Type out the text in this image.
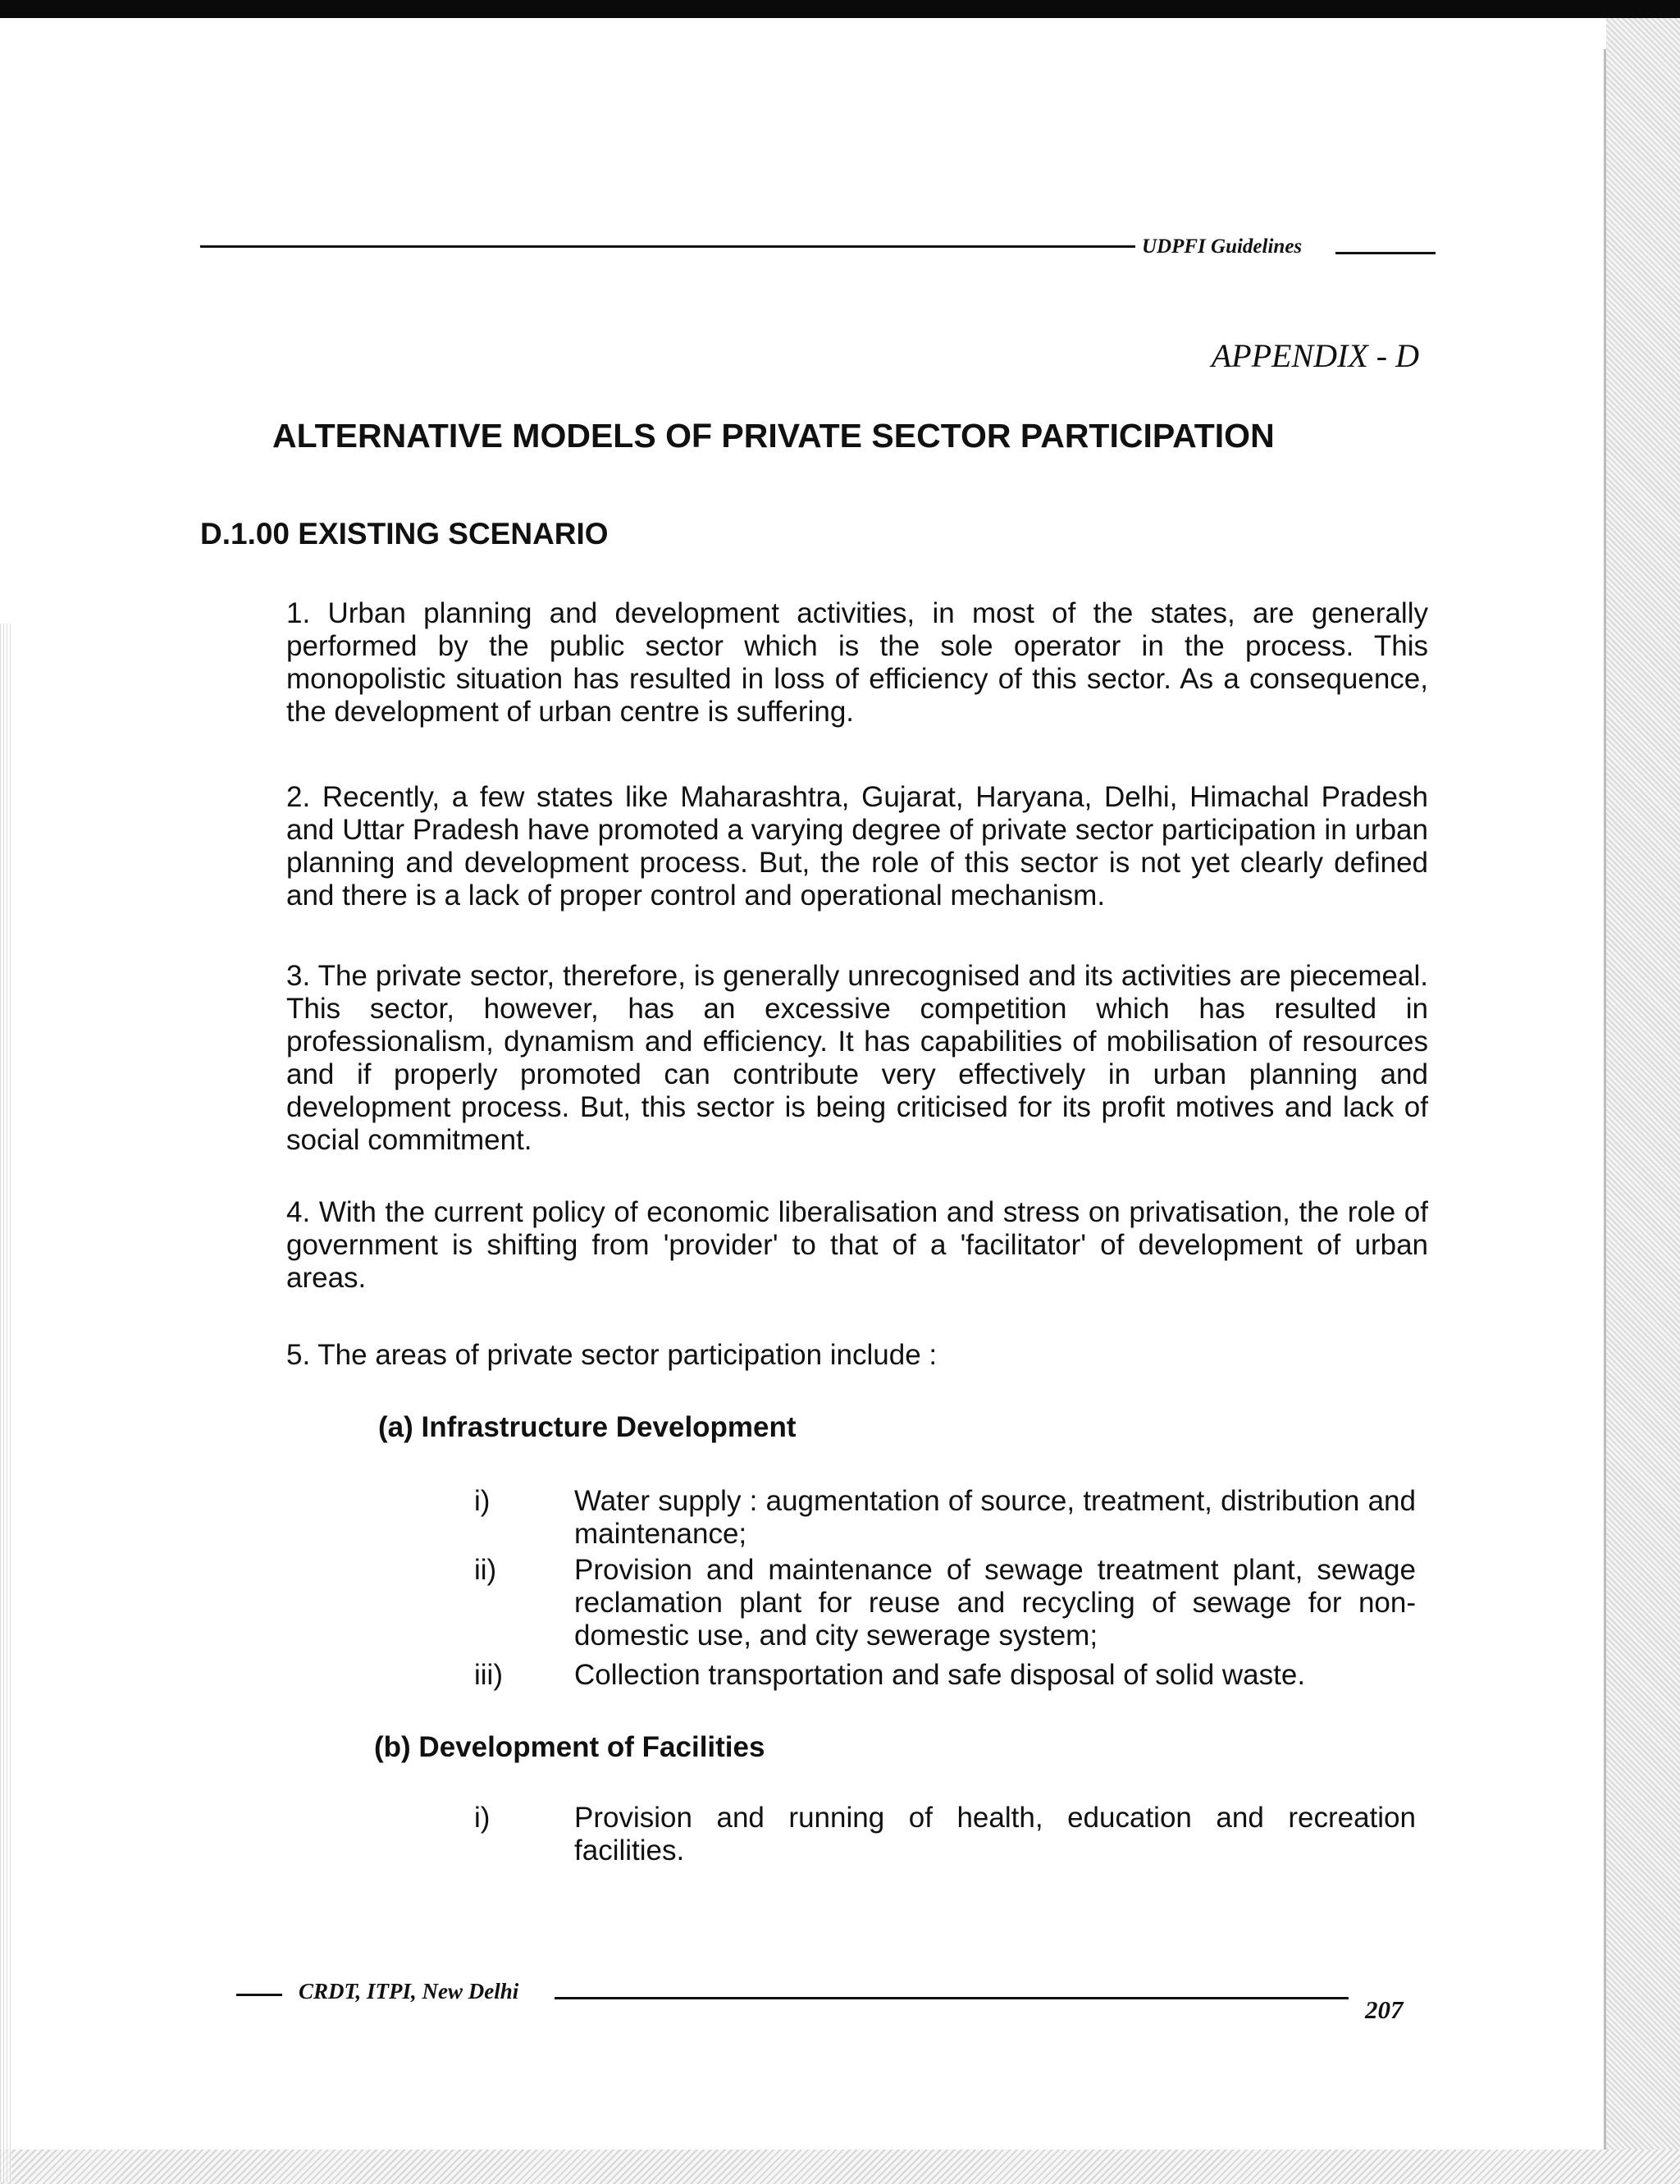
UDPFI Guidelines
APPENDIX - D
ALTERNATIVE MODELS OF PRIVATE SECTOR PARTICIPATION
D.1.00 EXISTING SCENARIO

1. Urban planning and development activities, in most of the states, are generally performed by the public sector which is the sole operator in the process. This monopolistic situation has resulted in loss of efficiency of this sector. As a consequence, the development of urban centre is suffering.

2. Recently, a few states like Maharashtra, Gujarat, Haryana, Delhi, Himachal Pradesh and Uttar Pradesh have promoted a varying degree of private sector participation in urban planning and development process. But, the role of this sector is not yet clearly defined and there is a lack of proper control and operational mechanism.

3. The private sector, therefore, is generally unrecognised and its activities are piecemeal. This sector, however, has an excessive competition which has resulted in professionalism, dynamism and efficiency. It has capabilities of mobilisation of resources and if properly promoted can contribute very effectively in urban planning and development process. But, this sector is being criticised for its profit motives and lack of social commitment.

4. With the current policy of economic liberalisation and stress on privatisation, the role of government is shifting from 'provider' to that of a 'facilitator' of development of urban areas.

5. The areas of private sector participation include :

(a) Infrastructure Development
i)	Water supply : augmentation of source, treatment, distribution and maintenance;
ii)	Provision and maintenance of sewage treatment plant, sewage reclamation plant for reuse and recycling of sewage for non-domestic use, and city sewerage system;
iii) Collection transportation and safe disposal of solid waste.
(b) Development of Facilities
i)	Provision and running of health, education and recreation facilities.
CRDT, ITPI, New Delhi
207
